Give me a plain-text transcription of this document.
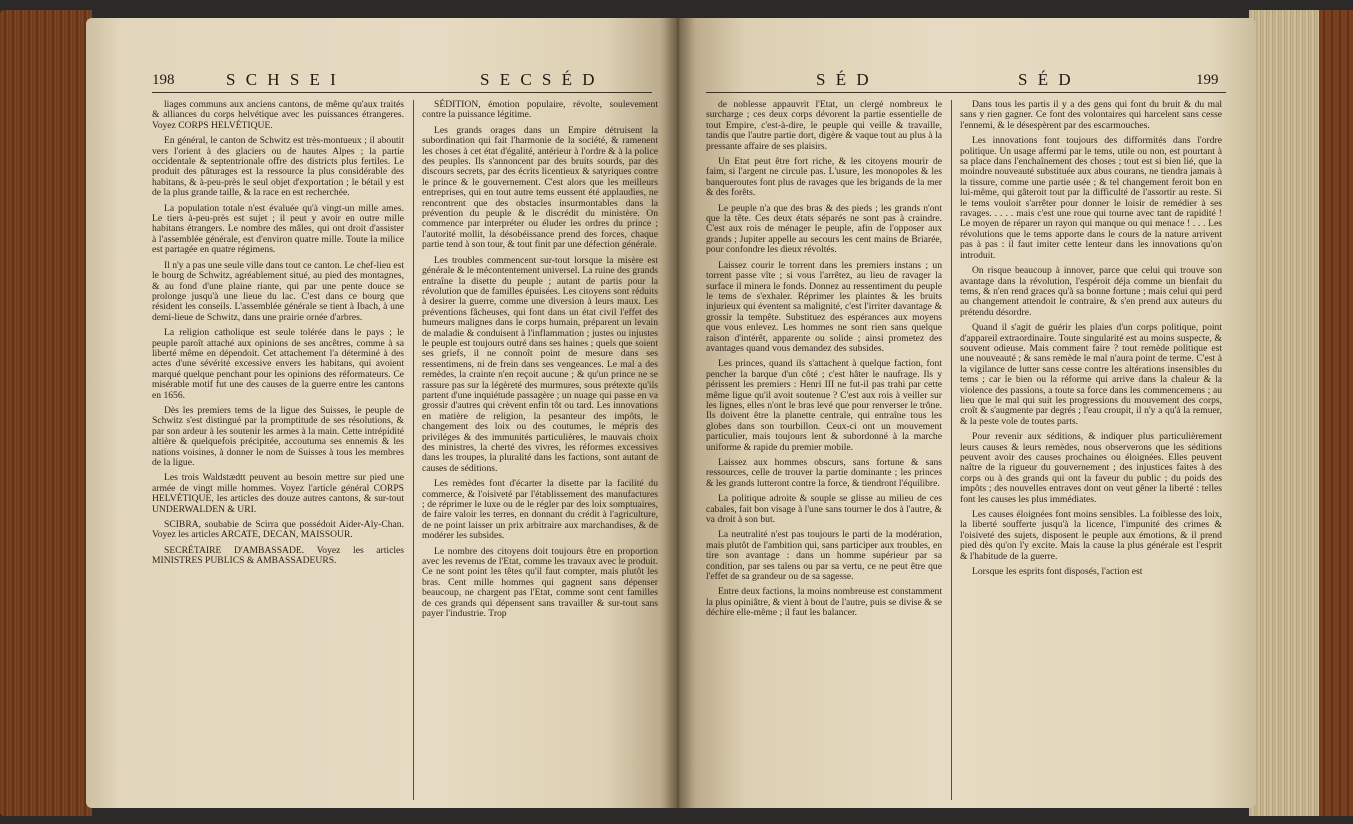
198	S C H S E I	S E C S É D

liages communs aux anciens cantons, de même qu'aux traités & alliances du corps helvétique avec les puissances étrangeres. Voyez CORPS HELVÉTIQUE.

En général, le canton de Schwitz est très-montueux ; il aboutit vers l'orient à des glaciers ou de hautes Alpes ; la partie occidentale & septentrionale offre des districts plus fertiles. Le produit des pâturages est la ressource la plus considérable des habitans, & à-peu-près le seul objet d'exportation ; le bétail y est de la plus grande taille, & la race en est recherchée.

La population totale n'est évaluée qu'à vingt-un mille ames. Le tiers à-peu-près est sujet ; il peut y avoir en outre mille habitans étrangers. Le nombre des mâles, qui ont droit d'assister à l'assemblée générale, est d'environ quatre mille. Toute la milice est partagée en quatre régimens.

Il n'y a pas une seule ville dans tout ce canton. Le chef-lieu est le bourg de Schwitz, agréablement situé, au pied des montagnes, & au fond d'une plaine riante, qui par une pente douce se prolonge jusqu'à une lieue du lac. C'est dans ce bourg que résident les conseils. L'assemblée générale se tient à Ibach, à une demi-lieue de Schwitz, dans une prairie ornée d'arbres.

La religion catholique est seule tolérée dans le pays ; le peuple paroît attaché aux opinions de ses ancêtres, comme à sa liberté même en dépendoit. Cet attachement l'a déterminé à des actes d'une sévérité excessive envers les habitans, qui avoient marqué quelque penchant pour les opinions des réformateurs. Ce misérable motif fut une des causes de la guerre entre les cantons en 1656.

Dès les premiers tems de la ligue des Suisses, le peuple de Schwitz s'est distingué par la promptitude de ses résolutions, & par son ardeur à les soutenir les armes à la main. Cette intrépidité altière & quelquefois précipitée, accoutuma ses ennemis & les nations voisines, à donner le nom de Suisses à tous les membres de la ligue.

Les trois Waldstædtt peuvent au besoin mettre sur pied une armée de vingt mille hommes. Voyez l'article général CORPS HELVÉTIQUE, les articles des douze autres cantons, & sur-tout UNDERWALDEN & URI.

SCIBRA, soubabie de Scirra que possédoit Aider-Aly-Chan. Voyez les articles ARCATE, DECAN, MAISSOUR.

SECRÉTAIRE D'AMBASSADE. Voyez les articles MINISTRES PUBLICS & AMBASSADEURS.

SÉDITION, émotion populaire, révolte, soulevement contre la puissance légitime.

Les grands orages dans un Empire détruisent la subordination qui fait l'harmonie de la société, & ramenent les choses à cet état d'égalité, antérieur à l'ordre & à la police des peuples. Ils s'annoncent par des bruits sourds, par des discours secrets, par des écrits licentieux & satyriques contre le prince & le gouvernement. C'est alors que les meilleurs entreprises, qui en tout autre tems eussent été applaudies, ne rencontrent que des obstacles insurmontables dans la prévention du peuple & le discrédit du ministère. On commence par interpréter ou éluder les ordres du prince ; l'autorité mollit, la désobéissance prend des forces, chaque partie tend à son tour, & tout finit par une défection générale.

Les troubles commencent sur-tout lorsque la misère est générale & le mécontentement universel. La ruine des grands entraîne la disette du peuple ; autant de partis pour la révolution que de familles épuisées. Les citoyens sont réduits à desirer la guerre, comme une diversion à leurs maux. Les préventions fâcheuses, qui font dans un état civil l'effet des humeurs malignes dans le corps humain, préparent un levain de maladie & conduisent à l'inflammation ; justes ou injustes le peuple est toujours outré dans ses haines ; quels que soient ses griefs, il ne connoît point de mesure dans ses ressentimens, ni de frein dans ses vengeances. Le mal a des remèdes, la crainte n'en reçoit aucune ; & qu'un prince ne se rassure pas sur la légèreté des murmures, sous prétexte qu'ils partent d'une inquiétude passagère ; un nuage qui passe en va grossir d'autres qui crèvent enfin tôt ou tard. Les innovations en matière de religion, la pesanteur des impôts, le changement des loix ou des coutumes, le mépris des priviléges & des immunités particulières, le mauvais choix des ministres, la cherté des vivres, les réformes excessives dans les troupes, la pluralité dans les factions, sont autant de causes de séditions.

Les remèdes font d'écarter la disette par la facilité du commerce, & l'oisiveté par l'établissement des manufactures ; de réprimer le luxe ou de le régler par des loix somptuaires, de faire valoir les terres, en donnant du crédit à l'agriculture, de ne point laisser un prix arbitraire aux marchandises, & de modérer les subsides.

Le nombre des citoyens doit toujours être en proportion avec les revenus de l'Etat, comme les travaux avec le produit. Ce ne sont point les têtes qu'il faut compter, mais plutôt les bras. Cent mille hommes qui gagnent sans dépenser beaucoup, ne chargent pas l'Etat, comme sont cent familles de ces grands qui dépensent sans travailler & sur-tout sans payer l'industrie. Trop

S É D	S É D	199

de noblesse appauvrit l'Etat, un clergé nombreux le surcharge ; ces deux corps dévorent la partie essentielle de tout Empire, c'est-à-dire, le peuple qui veille & travaille, tandis que l'autre partie dort, digère & vaque tout au plus à la pressante affaire de ses plaisirs.

Un Etat peut être fort riche, & les citoyens mourir de faim, si l'argent ne circule pas. L'usure, les monopoles & les banqueroutes font plus de ravages que les brigands de la mer & des forêts.

Le peuple n'a que des bras & des pieds ; les grands n'ont que la tête. Ces deux états séparés ne sont pas à craindre. C'est aux rois de ménager le peuple, afin de l'opposer aux grands ; Jupiter appelle au secours les cent mains de Briarée, pour confondre les dieux révoltés.

Laissez courir le torrent dans les premiers instans ; un torrent passe vîte ; si vous l'arrêtez, au lieu de ravager la surface il minera le fonds. Donnez au ressentiment du peuple le tems de s'exhaler. Réprimer les plaintes & les bruits injurieux qui éventent sa malignité, c'est l'irriter davantage & grossir la tempête. Substituez des espérances aux moyens que vous enlevez. Les hommes ne sont rien sans quelque raison d'intérêt, apparente ou solide ; ainsi prometez des avantages quand vous demandez des subsides.

Les princes, quand ils s'attachent à quelque faction, font pencher la barque d'un côté ; c'est hâter le naufrage. Ils y périssent les premiers : Henri III ne fut-il pas trahi par cette même ligue qu'il avoit soutenue ? C'est aux rois à veiller sur les lignes, elles n'ont le bras levé que pour renverser le trône. Ils doivent être la planette centrale, qui entraîne tous les globes dans son tourbillon. Ceux-ci ont un mouvement particulier, mais toujours lent & subordonné à la marche uniforme & rapide du premier mobile.

Laissez aux hommes obscurs, sans fortune & sans ressources, celle de trouver la partie dominante ; les princes & les grands lutteront contre la force, & tiendront l'équilibre.

La politique adroite & souple se glisse au milieu de ces cabales, fait bon visage à l'une sans tourner le dos à l'autre, & va droit à son but.

La neutralité n'est pas toujours le parti de la modération, mais plutôt de l'ambition qui, sans participer aux troubles, en tire son avantage : dans un homme supérieur par sa condition, par ses talens ou par sa vertu, ce ne peut être que l'effet de sa grandeur ou de sa sagesse.

Entre deux factions, la moins nombreuse est constamment la plus opiniâtre, & vient à bout de l'autre, puis se divise & se déchire elle-même ; il faut les balancer.

Dans tous les partis il y a des gens qui font du bruit & du mal sans y rien gagner. Ce font des volontaires qui harcelent sans cesse l'ennemi, & le désespèrent par des escarmouches.

Les innovations font toujours des difformités dans l'ordre politique. Un usage affermi par le tems, utile ou non, est pourtant à sa place dans l'enchaînement des choses ; tout est si bien lié, que la moindre nouveauté substituée aux abus courans, ne tiendra jamais à la tissure, comme une partie usée ; & tel changement feroit bon en lui-même, qui gâteroit tout par la difficulté de l'assortir au reste. Si le tems vouloit s'arrêter pour donner le loisir de remédier à ses ravages. . . . . mais c'est une roue qui tourne avec tant de rapidité ! Le moyen de réparer un rayon qui manque ou qui menace ! . . . Les révolutions que le tems apporte dans le cours de la nature arrivent pas à pas : il faut imiter cette lenteur dans les innovations qu'on introduit.

On risque beaucoup à innover, parce que celui qui trouve son avantage dans la révolution, l'espéroit déja comme un bienfait du tems, & n'en rend graces qu'à sa bonne fortune ; mais celui qui perd au changement attendoit le contraire, & s'en prend aux auteurs du prétendu désordre.

Quand il s'agit de guérir les plaies d'un corps politique, point d'appareil extraordinaire. Toute singularité est au moins suspecte, & souvent odieuse. Mais comment faire ? tout remède politique est une nouveauté ; & sans remède le mal n'aura point de terme. C'est à la vigilance de lutter sans cesse contre les altérations insensibles du tems ; car le bien ou la réforme qui arrive dans la chaleur & la violence des passions, a toute sa force dans les commencemens ; au lieu que le mal qui suit les progressions du mouvement des corps, croît & s'augmente par degrés ; l'eau croupit, il n'y a qu'à la remuer, & la peste vole de toutes parts.

Pour revenir aux séditions, & indiquer plus particulièrement leurs causes & leurs remèdes, nous observerons que les séditions peuvent avoir des causes prochaines ou éloignées. Elles peuvent naître de la rigueur du gouvernement ; des injustices faites à des corps ou à des grands qui ont la faveur du public ; du poids des impôts ; des nouvelles entraves dont on veut gêner la liberté : telles font les causes les plus immédiates.

Les causes éloignées font moins sensibles. La foiblesse des loix, la liberté soufferte jusqu'à la licence, l'impunité des crimes & l'oisiveté des sujets, disposent le peuple aux émotions, & il prend pied dès qu'on l'y excite. Mais la cause la plus générale est l'esprit & l'habitude de la guerre.

Lorsque les esprits font disposés, l'action est
